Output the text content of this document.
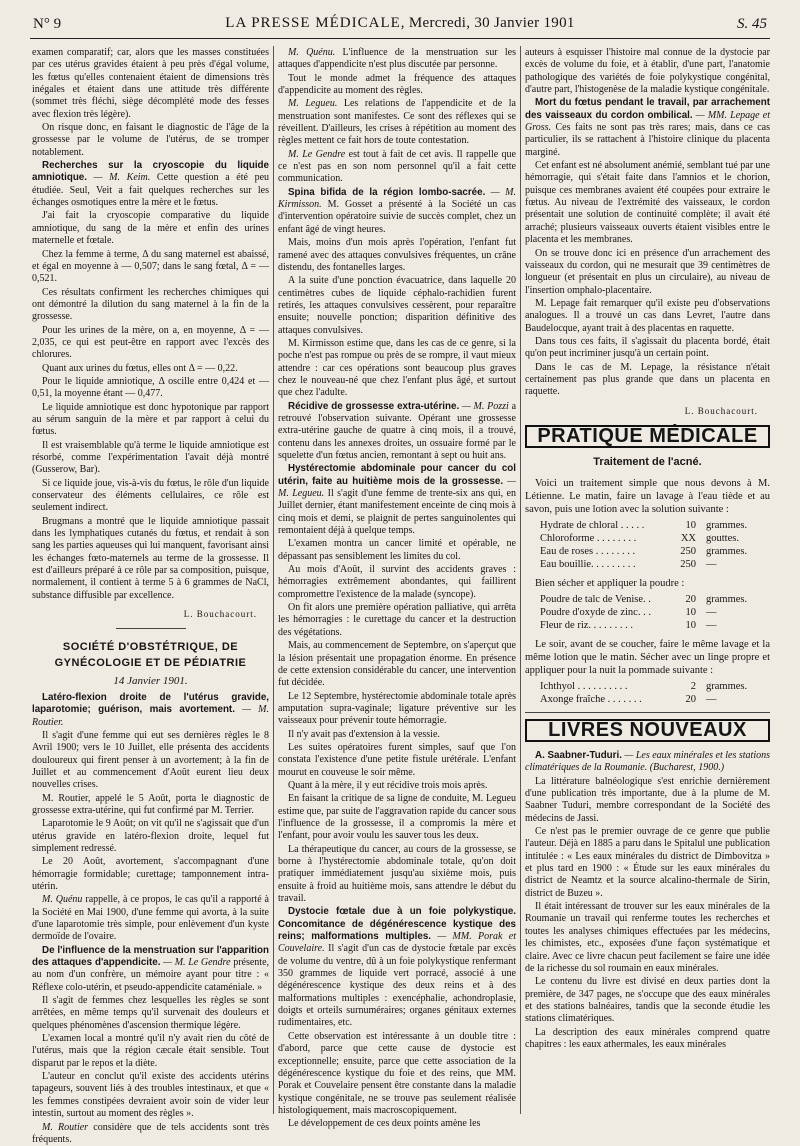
N° 9	LA PRESSE MÉDICALE, Mercredi, 30 Janvier 1901	S. 45

examen comparatif; car, alors que les masses constituées par ces utérus gravides étaient à peu près d'égal volume, les fœtus qu'elles contenaient étaient de dimensions très inégales et étaient dans une attitude très différente (sommet très fléchi, siège décomplété mode des fesses avec flexion très légère).

On risque donc, en faisant le diagnostic de l'âge de la grossesse par le volume de l'utérus, de se tromper notablement.

Recherches sur la cryoscopie du liquide amniotique. — M. Keim. Cette question a été peu étudiée. Seul, Veit a fait quelques recherches sur les échanges osmotiques entre la mère et le fœtus.

J'ai fait la cryoscopie comparative du liquide amniotique, du sang de la mère et enfin des urines maternelle et fœtale.

Chez la femme à terme, Δ du sang maternel est abaissé, et égal en moyenne à — 0,507; dans le sang fœtal, Δ = — 0,521.

Ces résultats confirment les recherches chimiques qui ont démontré la dilution du sang maternel à la fin de la grossesse.

Pour les urines de la mère, on a, en moyenne, Δ = — 2,035, ce qui est peut-être en rapport avec l'excès des chlorures.

Quant aux urines du fœtus, elles ont Δ = — 0,22.

Pour le liquide amniotique, Δ oscille entre 0,424 et — 0,51, la moyenne étant — 0,477.

Le liquide amniotique est donc hypotonique par rapport au sérum sanguin de la mère et par rapport à celui du fœtus.

Il est vraisemblable qu'à terme le liquide amniotique est résorbé, comme l'expérimentation l'avait déjà montré (Gusserow, Bar).

Si ce liquide joue, vis-à-vis du fœtus, le rôle d'un liquide conservateur des éléments cellulaires, ce rôle est seulement indirect.

Brugmans a montré que le liquide amniotique passait dans les lymphatiques cutanés du fœtus, et rendait à son sang les parties aqueuses qui lui manquent, favorisant ainsi les échanges fœto-maternels au terme de la grossesse. Il est d'ailleurs préparé à ce rôle par sa composition, puisque, normalement, il contient à terme 5 à 6 grammes de NaCl, substance diffusible par excellence.

L. Bouchacourt.

SOCIÉTÉ D'OBSTÉTRIQUE, DE GYNÉCOLOGIE ET DE PÉDIATRIE

14 Janvier 1901.

Latéro-flexion droite de l'utérus gravide, laparotomie; guérison, mais avortement. — M. Routier.

Il s'agit d'une femme qui eut ses dernières règles le 8 Avril 1900; vers le 10 Juillet, elle présenta des accidents douloureux qui firent penser à un avortement; à la fin de Juillet et au commencement d'Août eurent lieu deux nouvelles crises.

M. Routier, appelé le 5 Août, porta le diagnostic de grossesse extra-utérine, qui fut confirmé par M. Terrier.

Laparotomie le 9 Août; on vit qu'il ne s'agissait que d'un utérus gravide en latéro-flexion droite, lequel fut simplement redressé.

Le 20 Août, avortement, s'accompagnant d'une hémorragie formidable; curettage; tamponnement intra-utérin.

M. Quénu rappelle, à ce propos, le cas qu'il a rapporté à la Société en Mai 1900, d'une femme qui avorta, à la suite d'une laparotomie très simple, pour enlèvement d'un kyste dermoïde de l'ovaire.

De l'influence de la menstruation sur l'apparition des attaques d'appendicite. — M. Le Gendre présente, au nom d'un confrère, un mémoire ayant pour titre : « Réflexe colo-utérin, et pseudo-appendicite cataméniale. »

Il s'agit de femmes chez lesquelles les règles se sont arrêtées, en même temps qu'il survenait des douleurs et quelques phénomènes d'ascension thermique légère.

L'examen local a montré qu'il n'y avait rien du côté de l'utérus, mais que la région cæcale était sensible. Tout disparut par le repos et la diète.

L'auteur en conclut qu'il existe des accidents utérins tapageurs, souvent liés à des troubles intestinaux, et que « les femmes constipées devraient avoir soin de vider leur intestin, surtout au moment des règles ».

M. Routier considère que de tels accidents sont très fréquents.

M. Quénu. L'influence de la menstruation sur les attaques d'appendicite n'est plus discutée par personne.

Tout le monde admet la fréquence des attaques d'appendicite au moment des règles.

M. Legueu. Les relations de l'appendicite et de la menstruation sont manifestes. Ce sont des réflexes qui se réveillent. D'ailleurs, les crises à répétition au moment des règles mettent ce fait hors de toute contestation.

M. Le Gendre est tout à fait de cet avis. Il rappelle que ce n'est pas en son nom personnel qu'il a fait cette communication.

Spina bifida de la région lombo-sacrée. — M. Kirmisson. M. Gosset a présenté à la Société un cas d'intervention opératoire suivie de succès complet, chez un enfant âgé de vingt heures.

Mais, moins d'un mois après l'opération, l'enfant fut ramené avec des attaques convulsives fréquentes, un crâne distendu, des fontanelles larges.

A la suite d'une ponction évacuatrice, dans laquelle 20 centimètres cubes de liquide céphalo-rachidien furent retirés, les attaques convulsives cessèrent, pour reparaître ensuite; nouvelle ponction; disparition définitive des attaques convulsives.

M. Kirmisson estime que, dans les cas de ce genre, si la poche n'est pas rompue ou près de se rompre, il vaut mieux attendre : car ces opérations sont beaucoup plus graves chez le nouveau-né que chez l'enfant plus âgé, et surtout que chez l'adulte.

Récidive de grossesse extra-utérine. — M. Pozzi a retrouvé l'observation suivante. Opérant une grossesse extra-utérine gauche de quatre à cinq mois, il a trouvé, contenu dans les annexes droites, un ossuaire formé par le squelette d'un fœtus ancien, remontant à sept ou huit ans.

Hystérectomie abdominale pour cancer du col utérin, faite au huitième mois de la grossesse. — M. Legueu. Il s'agit d'une femme de trente-six ans qui, en Juillet dernier, étant manifestement enceinte de cinq mois à cinq mois et demi, se plaignit de pertes sanguinolentes qui remontaient déjà à quelque temps.

L'examen montra un cancer limité et opérable, ne dépassant pas sensiblement les limites du col.

Au mois d'Août, il survint des accidents graves : hémorragies extrêmement abondantes, qui faillirent compromettre l'existence de la malade (syncope).

On fit alors une première opération palliative, qui arrêta les hémorragies : le curettage du cancer et la destruction des végétations.

Mais, au commencement de Septembre, on s'aperçut que la lésion présentait une propagation énorme. En présence de cette extension considérable du cancer, une intervention fut décidée.

Le 12 Septembre, hystérectomie abdominale totale après amputation supra-vaginale; ligature préventive sur les vaisseaux pour prévenir toute hémorragie.

Il n'y avait pas d'extension à la vessie.

Les suites opératoires furent simples, sauf que l'on constata l'existence d'une petite fistule urétérale. L'enfant mourut en couveuse le soir même.

Quant à la mère, il y eut récidive trois mois après.

En faisant la critique de sa ligne de conduite, M. Legueu estime que, par suite de l'aggravation rapide du cancer sous l'influence de la grossesse, il a compromis la mère et l'enfant, pour avoir voulu les sauver tous les deux.

La thérapeutique du cancer, au cours de la grossesse, se borne à l'hystérectomie abdominale totale, qu'on doit pratiquer immédiatement jusqu'au sixième mois, puis ensuite à froid au huitième mois, sans attendre le début du travail.

Dystocie fœtale due à un foie polykystique. Concomitance de dégénérescence kystique des reins; malformations multiples. — MM. Porak et Couvelaire. Il s'agit d'un cas de dystocie fœtale par excès de volume du ventre, dû à un foie polykystique renfermant 350 grammes de liquide vert porracé, associé à une dégénérescence kystique des deux reins et à des malformations multiples : exencéphalie, achondroplasie, doigts et orteils surnuméraires; organes génitaux externes rudimentaires, etc.

Cette observation est intéressante à un double titre : d'abord, parce que cette cause de dystocie est exceptionnelle; ensuite, parce que cette association de la dégénérescence kystique du foie et des reins, que MM. Porak et Couvelaire pensent être constante dans la maladie kystique congénitale, ne se trouve pas seulement réalisée histologiquement, mais macroscopiquement.

Le développement de ces deux points amène les

auteurs à esquisser l'histoire mal connue de la dystocie par excès de volume du foie, et à établir, d'une part, l'anatomie pathologique des variétés de foie polykystique congénital, d'autre part, l'histogenèse de la maladie kystique congénitale.

Mort du fœtus pendant le travail, par arrachement des vaisseaux du cordon ombilical. — MM. Lepage et Gross. Ces faits ne sont pas très rares; mais, dans ce cas particulier, ils se rattachent à l'histoire clinique du placenta marginé.

Cet enfant est né absolument anémié, semblant tué par une hémorragie, qui s'était faite dans l'amnios et le chorion, puisque ces membranes avaient été coupées pour extraire le fœtus. Au niveau de l'extrémité des vaisseaux, le cordon présentait une solution de continuité complète; il avait été arraché; plusieurs vaisseaux ouverts étaient visibles entre le placenta et les membranes.

On se trouve donc ici en présence d'un arrachement des vaisseaux du cordon, qui ne mesurait que 39 centimètres de longueur (et présentait en plus un circulaire), au niveau de l'insertion omphalo-placentaire.

M. Lepage fait remarquer qu'il existe peu d'observations analogues. Il a trouvé un cas dans Levret, l'autre dans Baudelocque, ayant trait à des placentas en raquette.

Dans tous ces faits, il s'agissait du placenta bordé, était qu'on peut incriminer jusqu'à un certain point.

Dans le cas de M. Lepage, la résistance n'était certainement pas plus grande que dans un placenta en raquette.

L. Bouchacourt.

PRATIQUE MÉDICALE
Traitement de l'acné.

Voici un traitement simple que nous devons à M. Létienne. Le matin, faire un lavage à l'eau tiède et au savon, puis une lotion avec la solution suivante :

Hydrate de chloral . . . . .	10	grammes.
Chloroforme . . . . . . . .	XX	gouttes.
Eau de roses . . . . . . . .	250	grammes.
Eau bouillie. . . . . . . . .	250	—

Bien sécher et appliquer la poudre :

Poudre de talc de Venise. .	20	grammes.
Poudre d'oxyde de zinc. . .	10	—
Fleur de riz. . . . . . . . .	10	—

Le soir, avant de se coucher, faire le même lavage et la même lotion que le matin. Sécher avec un linge propre et appliquer pour la nuit la pommade suivante :

Ichthyol . . . . . . . . . .	2	grammes.
Axonge fraîche . . . . . . .	20	—
LIVRES NOUVEAUX

A. Saabner-Tuduri. — Les eaux minérales et les stations climatériques de la Roumanie. (Bucharest, 1900.)

La littérature balnéologique s'est enrichie dernièrement d'une publication très importante, due à la plume de M. Saabner Tuduri, membre correspondant de la Société des médecins de Jassi.

Ce n'est pas le premier ouvrage de ce genre que publie l'auteur. Déjà en 1885 a paru dans le Spitalul une publication intitulée : « Les eaux minérales du district de Dimbovitza » et plus tard en 1900 : « Étude sur les eaux minérales du district de Neamtz et la source alcalino-thermale de Sirin, district de Buzeu ».

Il était intéressant de trouver sur les eaux minérales de la Roumanie un travail qui renferme toutes les recherches et toutes les analyses chimiques effectuées par les médecins, les chimistes, etc., exposées d'une façon systématique et claire. Avec ce livre chacun peut facilement se faire une idée de la richesse du sol roumain en eaux minérales.

Le contenu du livre est divisé en deux parties dont la première, de 347 pages, ne s'occupe que des eaux minérales et des stations balnéaires, tandis que la seconde étudie les stations climatériques.

La description des eaux minérales comprend quatre chapitres : les eaux athermales, les eaux minérales
